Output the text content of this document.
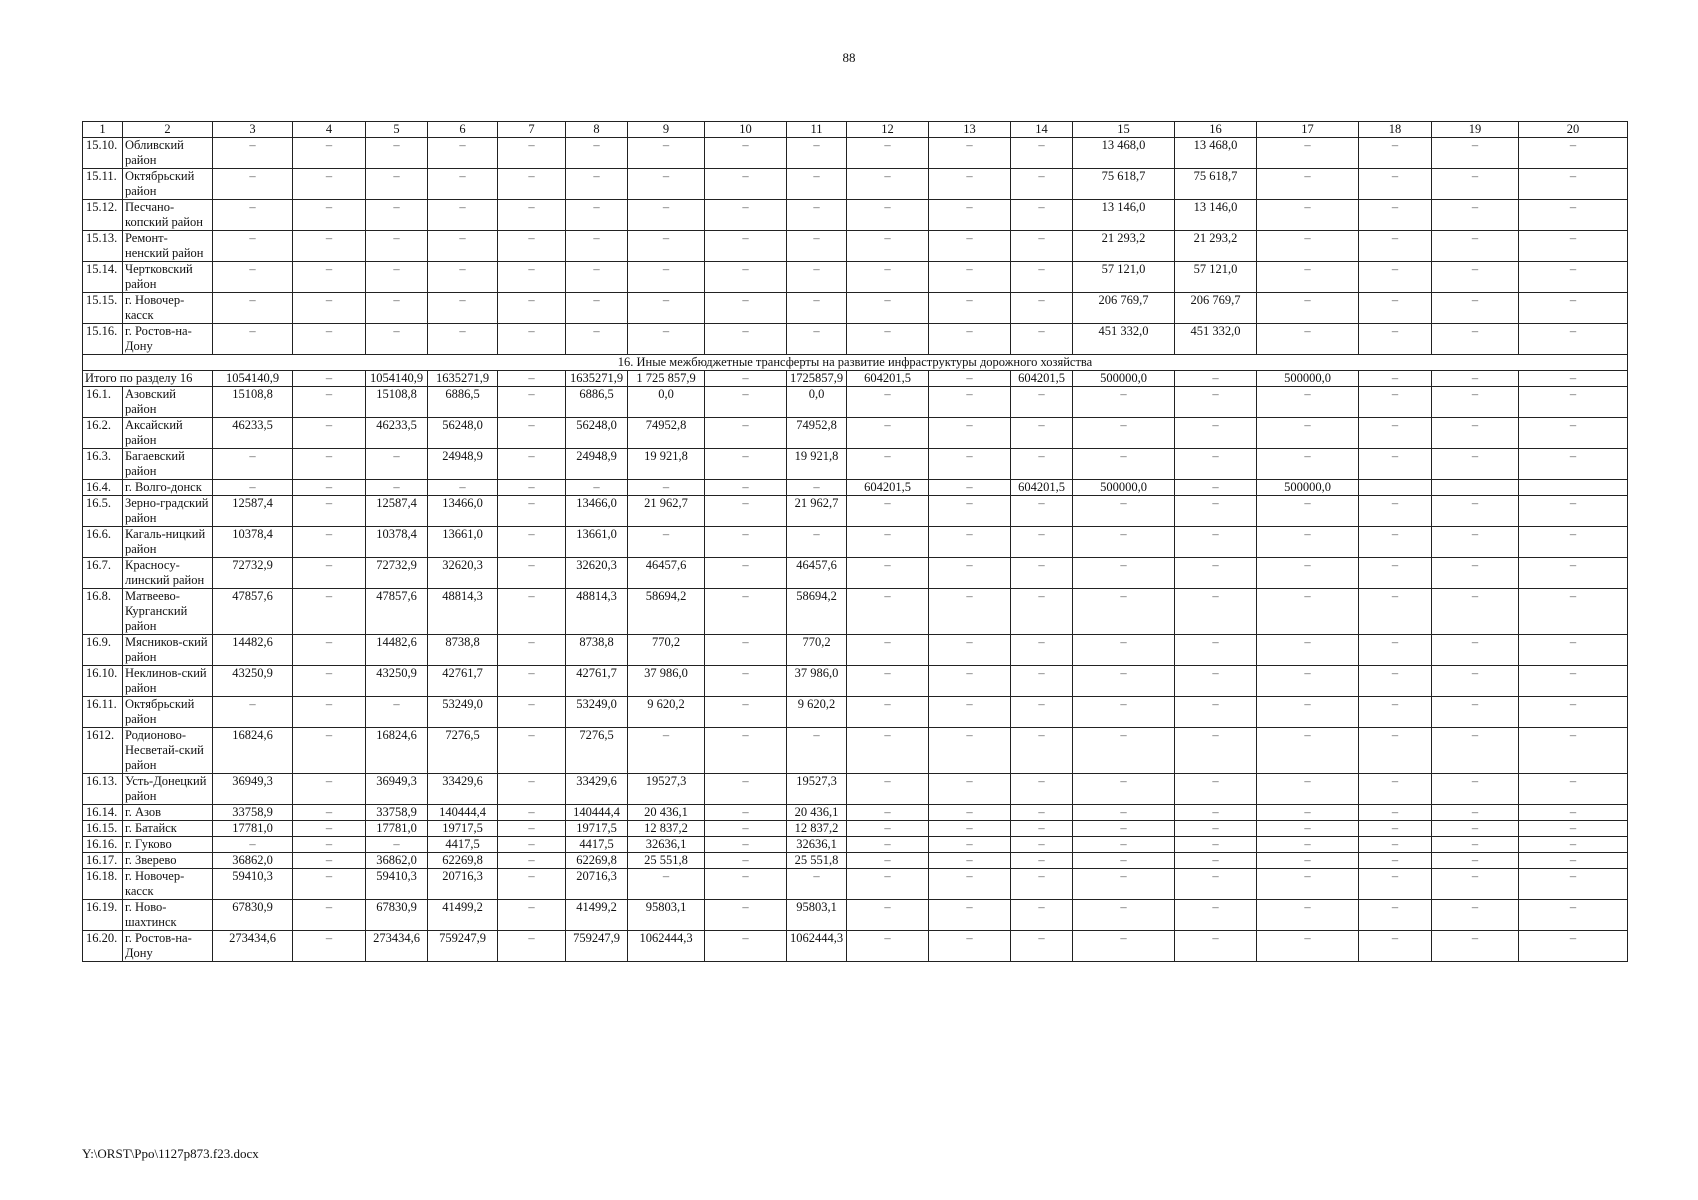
88
1	2	3	4	5	6	7	8	9	10	11	12	13	14	15	16	17	18	19	20
15.10.	Обливский район	–	–	–	–	–	–	–	–	–	–	–	–	13 468,0	13 468,0	–	–	–	–
15.11.	Октябрьский район	–	–	–	–	–	–	–	–	–	–	–	–	75 618,7	75 618,7	–	–	–	–
15.12.	Песчано-копский район	–	–	–	–	–	–	–	–	–	–	–	–	13 146,0	13 146,0	–	–	–	–
15.13.	Ремонт-ненский район	–	–	–	–	–	–	–	–	–	–	–	–	21 293,2	21 293,2	–	–	–	–
15.14.	Чертковский район	–	–	–	–	–	–	–	–	–	–	–	–	57 121,0	57 121,0	–	–	–	–
15.15.	г. Новочер-касск	–	–	–	–	–	–	–	–	–	–	–	–	206 769,7	206 769,7	–	–	–	–
15.16.	г. Ростов-на-Дону	–	–	–	–	–	–	–	–	–	–	–	–	451 332,0	451 332,0	–	–	–	–
16. Иные межбюджетные трансферты на развитие инфраструктуры дорожного хозяйства																			
Итого по разделу 16		1054140,9	–	1054140,9	1635271,9	–	1635271,9	1 725 857,9	–	1725857,9	604201,5	–	604201,5	500000,0	–	500000,0	–	–	–
16.1.	Азовский район	15108,8	–	15108,8	6886,5	–	6886,5	0,0	–	0,0	–	–	–	–	–	–	–	–	–
16.2.	Аксайский район	46233,5	–	46233,5	56248,0	–	56248,0	74952,8	–	74952,8	–	–	–	–	–	–	–	–	–
16.3.	Багаевский район	–	–	–	24948,9	–	24948,9	19 921,8	–	19 921,8	–	–	–	–	–	–	–	–	–
16.4.	г. Волго-донск	–	–	–	–	–	–	–	–	–	604201,5	–	604201,5	500000,0	–	500000,0			
16.5.	Зерно-градский район	12587,4	–	12587,4	13466,0	–	13466,0	21 962,7	–	21 962,7	–	–	–	–	–	–	–	–	–
16.6.	Кагаль-ницкий район	10378,4	–	10378,4	13661,0	–	13661,0	–	–	–	–	–	–	–	–	–	–	–	–
16.7.	Красносу-линский район	72732,9	–	72732,9	32620,3	–	32620,3	46457,6	–	46457,6	–	–	–	–	–	–	–	–	–
16.8.	Матвеево-Курганский район	47857,6	–	47857,6	48814,3	–	48814,3	58694,2	–	58694,2	–	–	–	–	–	–	–	–	–
16.9.	Мясников-ский район	14482,6	–	14482,6	8738,8	–	8738,8	770,2	–	770,2	–	–	–	–	–	–	–	–	–
16.10.	Неклинов-ский район	43250,9	–	43250,9	42761,7	–	42761,7	37 986,0	–	37 986,0	–	–	–	–	–	–	–	–	–
16.11.	Октябрьский район	–	–	–	53249,0	–	53249,0	9 620,2	–	9 620,2	–	–	–	–	–	–	–	–	–
1612.	Родионово-Несветай-ский район	16824,6	–	16824,6	7276,5	–	7276,5	–	–	–	–	–	–	–	–	–	–	–	–
16.13.	Усть-Донецкий район	36949,3	–	36949,3	33429,6	–	33429,6	19527,3	–	19527,3	–	–	–	–	–	–	–	–	–
16.14.	г. Азов	33758,9	–	33758,9	140444,4	–	140444,4	20 436,1	–	20 436,1	–	–	–	–	–	–	–	–	–
16.15.	г. Батайск	17781,0	–	17781,0	19717,5	–	19717,5	12 837,2	–	12 837,2	–	–	–	–	–	–	–	–	–
16.16.	г. Гуково	–	–	–	4417,5	–	4417,5	32636,1	–	32636,1	–	–	–	–	–	–	–	–	–
16.17.	г. Зверево	36862,0	–	36862,0	62269,8	–	62269,8	25 551,8	–	25 551,8	–	–	–	–	–	–	–	–	–
16.18.	г. Новочер-касск	59410,3	–	59410,3	20716,3	–	20716,3	–	–	–	–	–	–	–	–	–	–	–	–
16.19.	г. Ново-шахтинск	67830,9	–	67830,9	41499,2	–	41499,2	95803,1	–	95803,1	–	–	–	–	–	–	–	–	–
16.20.	г. Ростов-на-Дону	273434,6	–	273434,6	759247,9	–	759247,9	1062444,3	–	1062444,3	–	–	–	–	–	–	–	–	–
Y:\ORST\Ppo\1127p873.f23.docx
